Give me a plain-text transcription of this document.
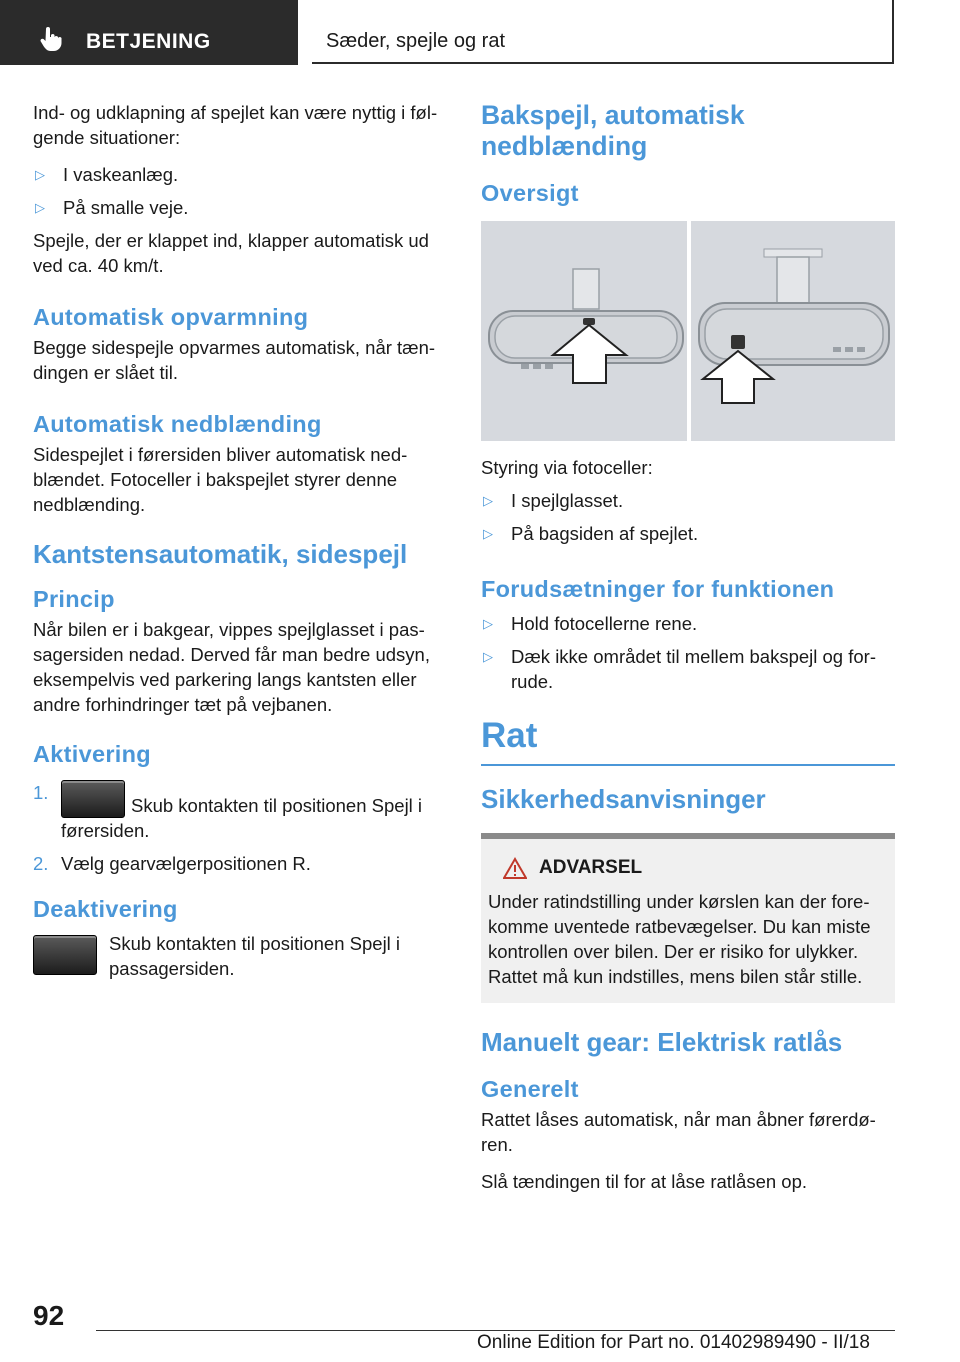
BETJENING	Sæder, spejle og rat

Ind- og udklapning af spejlet kan være nyttig i føl-gende situationer:

▷ I vaskeanlæg.
▷ På smalle veje.

Spejle, der er klappet ind, klapper automatisk ud ved ca. 40 km/t.

Automatisk opvarmning

Begge sidespejle opvarmes automatisk, når tæn-dingen er slået til.

Automatisk nedblænding

Sidespejlet i førersiden bliver automatisk ned-blændet. Fotoceller i bakspejlet styrer denne nedblænding.

Kantstensautomatik, sidespejl
Princip

Når bilen er i bakgear, vippes spejlglasset i pas-sagersiden nedad. Derved får man bedre udsyn, eksempelvis ved parkering langs kantsten eller andre forhindringer tæt på vejbanen.

Aktivering
1.
Skub kontakten til positionen Spejl i førersiden.
2. Vælg gearvælgerpositionen R.
Deaktivering

Skub kontakten til positionen Spejl i passagersiden.

Bakspejl, automatisk nedblænding
Oversigt

Styring via fotoceller:

▷ I spejlglasset.
▷ På bagsiden af spejlet.
Forudsætninger for funktionen
▷ Hold fotocellerne rene.
▷ Dæk ikke området til mellem bakspejl og for-rude.
Rat
Sikkerhedsanvisninger
ADVARSEL

Under ratindstilling under kørslen kan der fore-komme uventede ratbevægelser. Du kan miste kontrollen over bilen. Der er risiko for ulykker. Rattet må kun indstilles, mens bilen står stille.

Manuelt gear: Elektrisk ratlås
Generelt

Rattet låses automatisk, når man åbner førerdø-ren.

Slå tændingen til for at låse ratlåsen op.

92
Online Edition for Part no. 01402989490 - II/18
